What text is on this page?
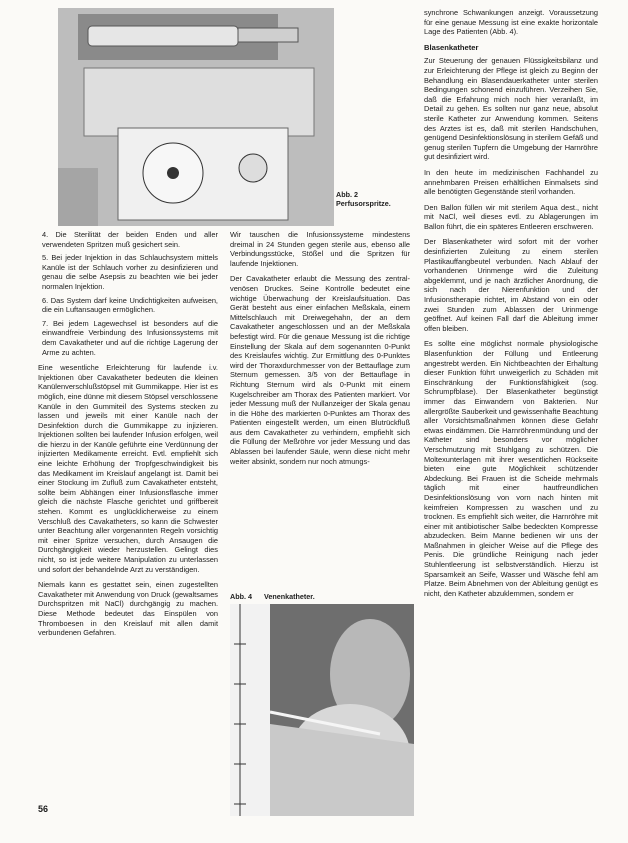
Abb. 2
Perfusorspritze.

synchrone Schwankungen anzeigt. Voraussetzung für eine genaue Messung ist eine exakte horizontale Lage des Patienten (Abb. 4).

Blasenkatheter

Zur Steuerung der genauen Flüssigkeitsbilanz und zur Erleichterung der Pflege ist gleich zu Beginn der Behandlung ein Blasendauerkatheter unter sterilen Bedingungen schonend einzuführen. Verzeihen Sie, daß die Erfahrung mich noch hier veranlaßt, im Detail zu gehen. Es sollten nur ganz neue, absolut sterile Katheter zur Anwendung kommen. Seitens des Arztes ist es, daß mit sterilen Handschuhen, genügend Desinfektionslösung in sterilem Gefäß und genug sterilen Tupfern die Umgebung der Harnröhre gut desinfiziert wird.

In den heute im medizinischen Fachhandel zu annehmbaren Preisen erhältlichen Einmalsets sind alle benötigten Gegenstände steril vorhanden.

Den Ballon füllen wir mit sterilem Aqua dest., nicht mit NaCl, weil dieses evtl. zu Ablagerungen im Ballon führt, die ein späteres Entleeren erschweren.

Der Blasenkatheter wird sofort mit der vorher desinfizierten Zuleitung zu einem sterilen Plastikauffangbeutel verbunden. Nach Ablauf der vorhandenen Urinmenge wird die Zuleitung abgeklemmt, und je nach ärztlicher Anordnung, die sich nach der Nierenfunktion und der Infusionstherapie richtet, im Abstand von ein oder zwei Stunden zum Ablassen der Urinmenge geöffnet. Auf keinen Fall darf die Ableitung immer offen bleiben.

Es sollte eine möglichst normale physiologische Blasenfunktion der Füllung und Entleerung angestrebt werden. Ein Nichtbeachten der Erhaltung dieser Funktion führt unweigerlich zu Schäden mit Einschränkung der Funktionsfähigkeit (sog. Schrumpfblase). Der Blasenkatheter begünstigt immer das Einwandern von Bakterien. Nur allergrößte Sauberkeit und gewissenhafte Beachtung aller Vorsichtsmaßnahmen können diese Gefahr etwas eindämmen. Die Harnröhrenmündung und der Katheter sind besonders vor möglicher Verschmutzung mit Stuhlgang zu schützen. Die Moltexunterlagen mit ihrer wesentlichen Rückseite bieten eine gute Möglichkeit schützender Abdeckung. Bei Frauen ist die Scheide mehrmals täglich mit einer hautfreundlichen Desinfektionslösung von vorn nach hinten mit keimfreien Kompressen zu waschen und zu trocknen. Es empfiehlt sich weiter, die Harnröhre mit einer mit antibiotischer Salbe bedeckten Kompresse abzudecken. Beim Manne bedienen wir uns der Maßnahmen in gleicher Weise auf die Pflege des Penis. Die gründliche Reinigung nach jeder Stuhlentleerung ist selbstverständlich. Hierzu ist Sparsamkeit an Seife, Wasser und Wäsche fehl am Platze. Beim Abnehmen von der Ableitung genügt es nicht, den Katheter abzuklemmen, sondern er

4. Die Sterilität der beiden Enden und aller verwendeten Spritzen muß gesichert sein.

5. Bei jeder Injektion in das Schlauchsystem mittels Kanüle ist der Schlauch vorher zu desinfizieren und genau die selbe Asepsis zu beachten wie bei jeder normalen Injektion.

6. Das System darf keine Undichtigkeiten aufweisen, die ein Luftansaugen ermöglichen.

7. Bei jedem Lagewechsel ist besonders auf die einwandfreie Verbindung des Infusionssystems mit dem Cavakatheter und auf die richtige Lagerung der Arme zu achten.

Eine wesentliche Erleichterung für laufende i.v. Injektionen über Cavakatheter bedeuten die kleinen Kanülenverschlußstöpsel mit Gummikappe. Hier ist es möglich, eine dünne mit diesem Stöpsel verschlossene Kanüle in den Gummiteil des Systems stecken zu lassen und jeweils mit einer Kanüle nach der Desinfektion durch die Gummikappe zu injizieren. Injektionen sollten bei laufender Infusion erfolgen, weil die hierzu in der Kanüle geführte eine Verdünnung der injizierten Medikamente erreicht. Evtl. empfiehlt sich eine leichte Erhöhung der Tropfgeschwindigkeit bis das Medikament im Kreislauf angelangt ist. Damit bei einer Stockung im Zufluß zum Cavakatheter entsteht, sollte beim Abhängen einer Infusionsflasche immer gleich die nächste Flasche gerichtet und griffbereit stehen. Kommt es unglücklicherweise zu einem Verschluß des Cavakatheters, so kann die Schwester unter Beachtung aller vorgenannten Regeln vorsichtig mit einer Spritze versuchen, durch Ansaugen die Durchgängigkeit wieder herzustellen. Gelingt dies nicht, so ist jede weitere Manipulation zu unterlassen und sofort der behandelnde Arzt zu verständigen.

Niemals kann es gestattet sein, einen zugestellten Cavakatheter mit Anwendung von Druck (gewaltsames Durchspritzen mit NaCl) durchgängig zu machen. Diese Methode bedeutet das Einspülen von Thromboesen in den Kreislauf mit allen damit verbundenen Gefahren.

Wir tauschen die Infusionssysteme mindestens dreimal in 24 Stunden gegen sterile aus, ebenso alle Verbindungsstücke, Stößel und die Spritzen für laufende Injektionen.

Der Cavakatheter erlaubt die Messung des zentral-venösen Druckes. Seine Kontrolle bedeutet eine wichtige Überwachung der Kreislaufsituation. Das Gerät besteht aus einer einfachen Meßskala, einem Mittelschlauch mit Dreiwegehahn, der an dem Cavakatheter angeschlossen und an der Meßskala befestigt wird. Für die genaue Messung ist die richtige Einstellung der Skala auf dem sogenannten 0-Punkt des Kreislaufes wichtig. Zur Ermittlung des 0-Punktes wird der Thoraxdurchmesser von der Bettauflage zum Sternum gemessen. 3/5 von der Bettauflage in Richtung Sternum wird als 0-Punkt mit einem Kugelschreiber am Thorax des Patienten markiert. Vor jeder Messung muß der Nullanzeiger der Skala genau in die Höhe des markierten 0-Punktes am Thorax des Patienten eingestellt werden, um einen Blutrückfluß aus dem Cavakatheter zu verhindern, empfiehlt sich die Füllung der Meßröhre vor jeder Messung und das Ablassen bei laufender Säule, wenn diese nicht mehr weiter absinkt, sondern nur noch atmungs-

Abb. 4 Venenkatheter.
56
